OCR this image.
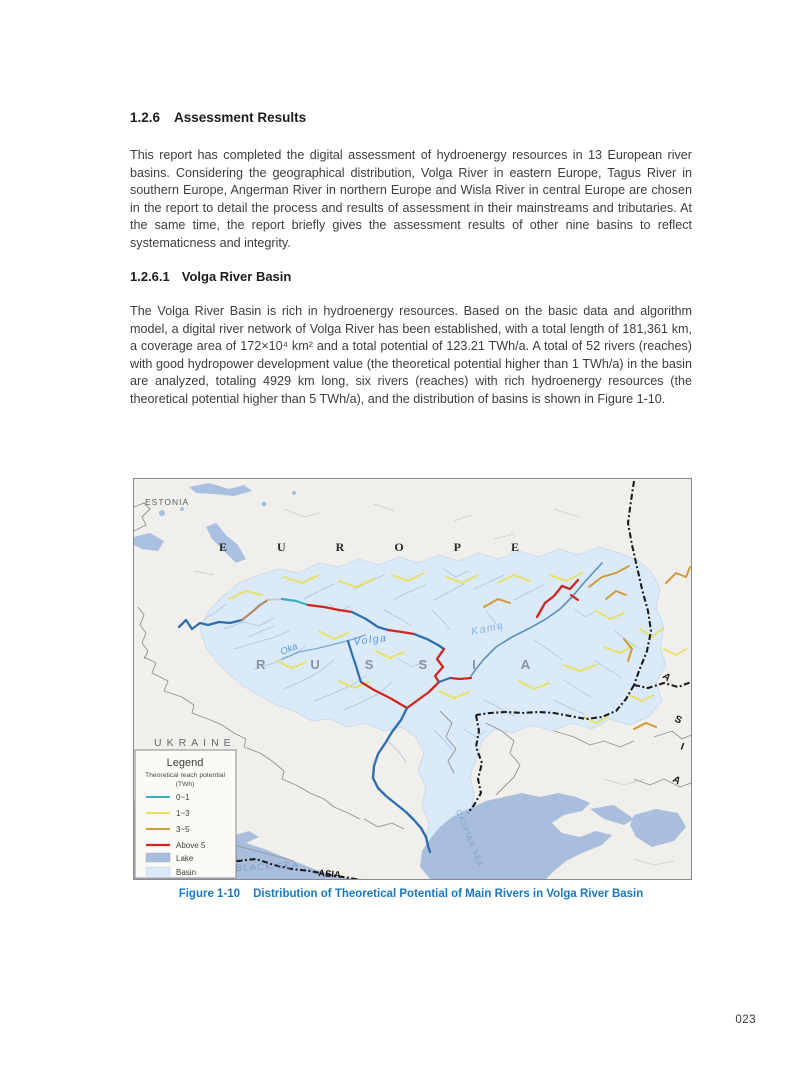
1.2.6 Assessment Results
This report has completed the digital assessment of hydroenergy resources in 13 European river basins. Considering the geographical distribution, Volga River in eastern Europe, Tagus River in southern Europe, Angerman River in northern Europe and Wisla River in central Europe are chosen in the report to detail the process and results of assessment in their mainstreams and tributaries. At the same time, the report briefly gives the assessment results of other nine basins to reflect systematicness and integrity.
1.2.6.1 Volga River Basin
The Volga River Basin is rich in hydroenergy resources. Based on the basic data and algorithm model, a digital river network of Volga River has been established, with a total length of 181,361 km, a coverage area of 172×10⁴ km² and a total potential of 123.21 TWh/a. A total of 52 rivers (reaches) with good hydropower development value (the theoretical potential higher than 1 TWh/a) in the basin are analyzed, totaling 4929 km long, six rivers (reaches) with rich hydroenergy resources (the theoretical potential higher than 5 TWh/a), and the distribution of basins is shown in Figure 1-10.
ESTONIA
EUROPE
RUSSIA
UKRAINE
BLACK SEA	CASPIAN SEA
ASIA
A
S
I
A
Oka
Volga
Kama
Legend
Theoretical reach potential
(TWh)
0~1
1~3
3~5
Above 5
Lake
Basin
Figure 1-10 Distribution of Theoretical Potential of Main Rivers in Volga River Basin
023
